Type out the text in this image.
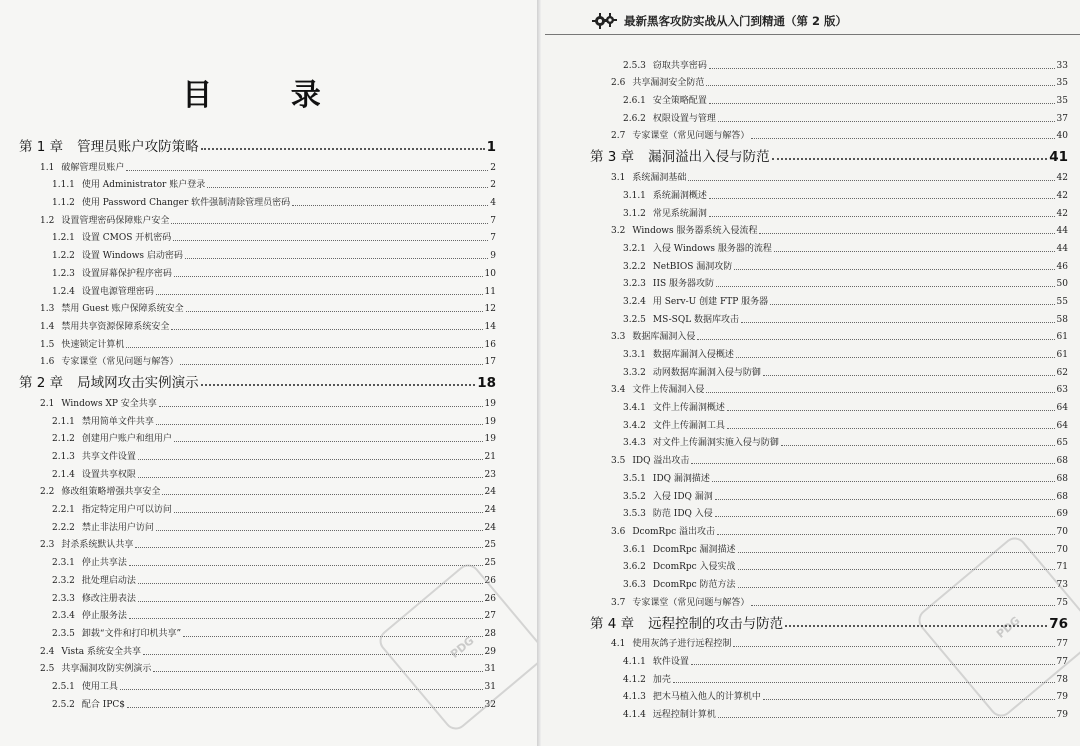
目 录
第 1 章 管理员账户攻防策略	1
1.1 破解管理员账户	2
1.1.1 使用 Administrator 账户登录	2
1.1.2 使用 Password Changer 软件强制清除管理员密码	4
1.2 设置管理密码保障账户安全	7
1.2.1 设置 CMOS 开机密码	7
1.2.2 设置 Windows 启动密码	9
1.2.3 设置屏幕保护程序密码	10
1.2.4 设置电源管理密码	11
1.3 禁用 Guest 账户保障系统安全	12
1.4 禁用共享资源保障系统安全	14
1.5 快速锁定计算机	16
1.6 专家课堂（常见问题与解答）	17
第 2 章 局域网攻击实例演示	18
2.1 Windows XP 安全共享	19
2.1.1 禁用简单文件共享	19
2.1.2 创建用户账户和组用户	19
2.1.3 共享文件设置	21
2.1.4 设置共享权限	23
2.2 修改组策略增强共享安全	24
2.2.1 指定特定用户可以访问	24
2.2.2 禁止非法用户访问	24
2.3 封杀系统默认共享	25
2.3.1 停止共享法	25
2.3.2 批处理启动法	26
2.3.3 修改注册表法	26
2.3.4 停止服务法	27
2.3.5 卸载“文件和打印机共享”	28
2.4 Vista 系统安全共享	29
2.5 共享漏洞攻防实例演示	31
2.5.1 使用工具	31
2.5.2 配合 IPC$	32
PDG
PDG
最新黑客攻防实战从入门到精通（第 2 版）
2.5.3 窃取共享密码	33
2.6 共享漏洞安全防范	35
2.6.1 安全策略配置	35
2.6.2 权限设置与管理	37
2.7 专家课堂（常见问题与解答）	40
第 3 章 漏洞溢出入侵与防范	41
3.1 系统漏洞基础	42
3.1.1 系统漏洞概述	42
3.1.2 常见系统漏洞	42
3.2 Windows 服务器系统入侵流程	44
3.2.1 入侵 Windows 服务器的流程	44
3.2.2 NetBIOS 漏洞攻防	46
3.2.3 IIS 服务器攻防	50
3.2.4 用 Serv-U 创建 FTP 服务器	55
3.2.5 MS-SQL 数据库攻击	58
3.3 数据库漏洞入侵	61
3.3.1 数据库漏洞入侵概述	61
3.3.2 动网数据库漏洞入侵与防御	62
3.4 文件上传漏洞入侵	63
3.4.1 文件上传漏洞概述	64
3.4.2 文件上传漏洞工具	64
3.4.3 对文件上传漏洞实施入侵与防御	65
3.5 IDQ 溢出攻击	68
3.5.1 IDQ 漏洞描述	68
3.5.2 入侵 IDQ 漏洞	68
3.5.3 防范 IDQ 入侵	69
3.6 DcomRpc 溢出攻击	70
3.6.1 DcomRpc 漏洞描述	70
3.6.2 DcomRpc 入侵实战	71
3.6.3 DcomRpc 防范方法	73
3.7 专家课堂（常见问题与解答）	75
第 4 章 远程控制的攻击与防范	76
4.1 使用灰鸽子进行远程控制	77
4.1.1 软件设置	77
4.1.2 加壳	78
4.1.3 把木马植入他人的计算机中	79
4.1.4 远程控制计算机	79
